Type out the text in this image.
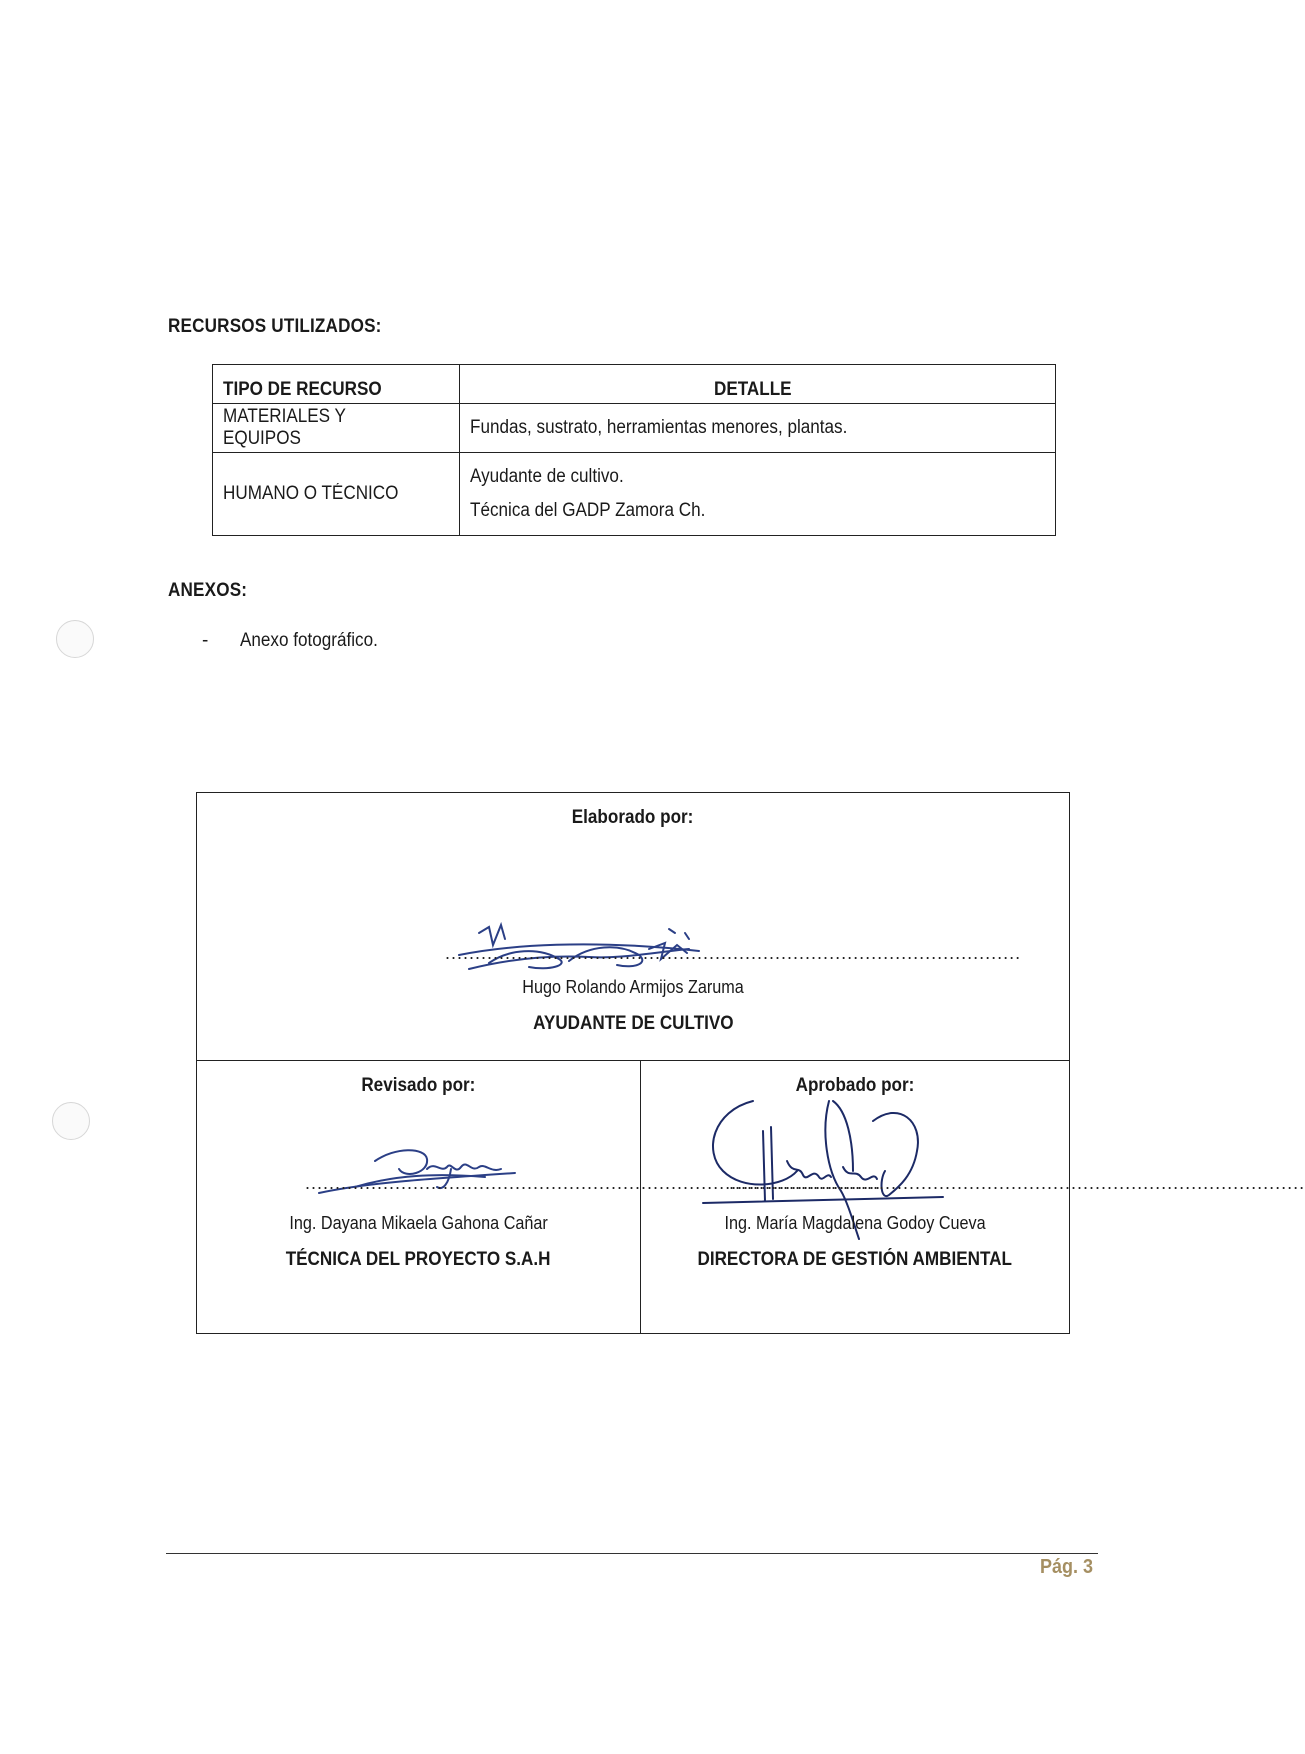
RECURSOS UTILIZADOS:
TIPO DE RECURSO	DETALLE
MATERIALES Y EQUIPOS	Fundas, sustrato, herramientas menores, plantas.
HUMANO O TÉCNICO	Ayudante de cultivo.
Técnica del GADP Zamora Ch.
ANEXOS:
- Anexo fotográfico.
Elaborado por:
................................................................................................
Hugo Rolando Armijos Zaruma
AYUDANTE DE CULTIVO
Revisado por:
................................................................................................
Ing. Dayana Mikaela Gahona Cañar
TÉCNICA DEL PROYECTO S.A.H
Aprobado por:
................................................................................................
Ing. María Magdalena Godoy Cueva
DIRECTORA DE GESTIÓN AMBIENTAL
Pág. 3
